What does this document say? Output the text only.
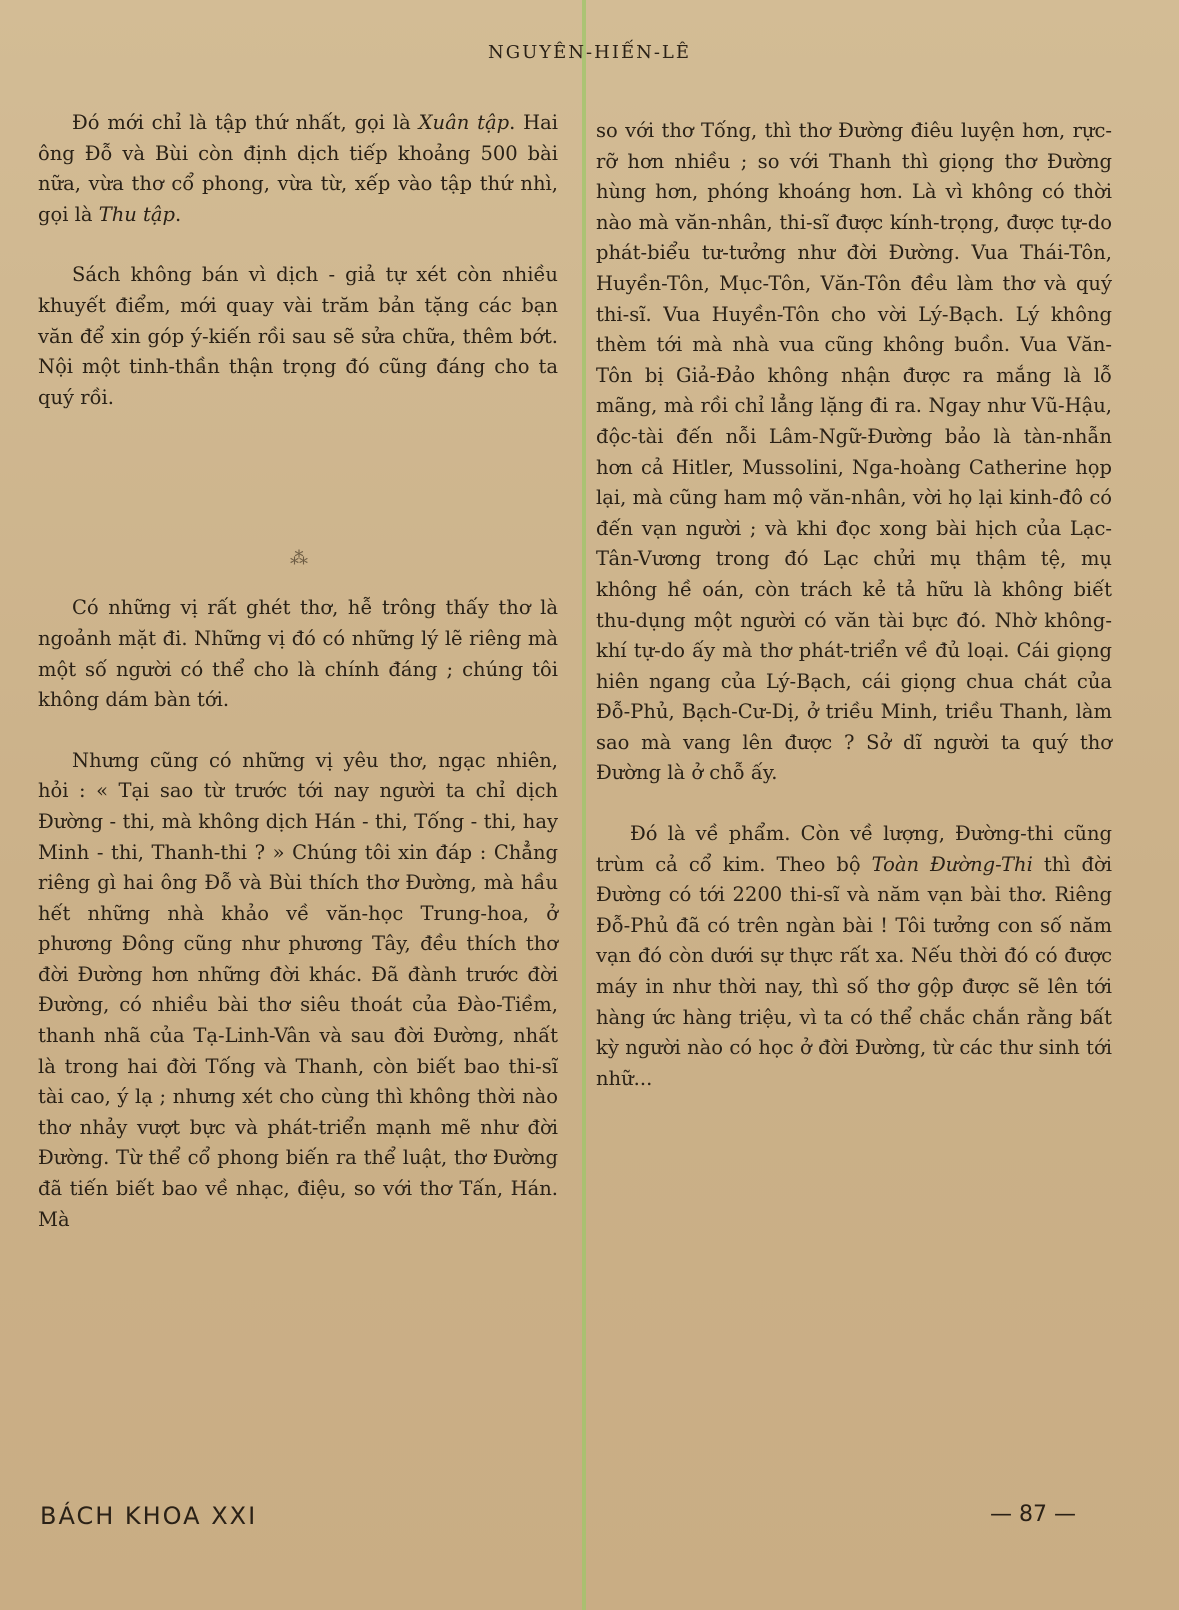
NGUYÊN-HIẾN-LÊ

Đó mới chỉ là tập thứ nhất, gọi là Xuân tập. Hai ông Đỗ và Bùi còn định dịch tiếp khoảng 500 bài nữa, vừa thơ cổ phong, vừa từ, xếp vào tập thứ nhì, gọi là Thu tập.

Sách không bán vì dịch - giả tự xét còn nhiều khuyết điểm, mới quay vài trăm bản tặng các bạn văn để xin góp ý-kiến rồi sau sẽ sửa chữa, thêm bớt. Nội một tinh-thần thận trọng đó cũng đáng cho ta quý rồi.

Có những vị rất ghét thơ, hễ trông thấy thơ là ngoảnh mặt đi. Những vị đó có những lý lẽ riêng mà một số người có thể cho là chính đáng ; chúng tôi không dám bàn tới.

Nhưng cũng có những vị yêu thơ, ngạc nhiên, hỏi : « Tại sao từ trước tới nay người ta chỉ dịch Đường - thi, mà không dịch Hán - thi, Tống - thi, hay Minh - thi, Thanh-thi ? » Chúng tôi xin đáp : Chẳng riêng gì hai ông Đỗ và Bùi thích thơ Đường, mà hầu hết những nhà khảo về văn-học Trung-hoa, ở phương Đông cũng như phương Tây, đều thích thơ đời Đường hơn những đời khác. Đã đành trước đời Đường, có nhiều bài thơ siêu thoát của Đào-Tiềm, thanh nhã của Tạ-Linh-Vân và sau đời Đường, nhất là trong hai đời Tống và Thanh, còn biết bao thi-sĩ tài cao, ý lạ ; nhưng xét cho cùng thì không thời nào thơ nhảy vượt bực và phát-triển mạnh mẽ như đời Đường. Từ thể cổ phong biến ra thể luật, thơ Đường đã tiến biết bao về nhạc, điệu, so với thơ Tấn, Hán. Mà

⁂

so với thơ Tống, thì thơ Đường điêu luyện hơn, rực-rỡ hơn nhiều ; so với Thanh thì giọng thơ Đường hùng hơn, phóng khoáng hơn. Là vì không có thời nào mà văn-nhân, thi-sĩ được kính-trọng, được tự-do phát-biểu tư-tưởng như đời Đường. Vua Thái-Tôn, Huyền-Tôn, Mục-Tôn, Văn-Tôn đều làm thơ và quý thi-sĩ. Vua Huyền-Tôn cho vời Lý-Bạch. Lý không thèm tới mà nhà vua cũng không buồn. Vua Văn-Tôn bị Giả-Đảo không nhận được ra mắng là lỗ mãng, mà rồi chỉ lẳng lặng đi ra. Ngay như Vũ-Hậu, độc-tài đến nỗi Lâm-Ngữ-Đường bảo là tàn-nhẫn hơn cả Hitler, Mussolini, Nga-hoàng Catherine họp lại, mà cũng ham mộ văn-nhân, vời họ lại kinh-đô có đến vạn người ; và khi đọc xong bài hịch của Lạc-Tân-Vương trong đó Lạc chửi mụ thậm tệ, mụ không hề oán, còn trách kẻ tả hữu là không biết thu-dụng một người có văn tài bực đó. Nhờ không-khí tự-do ấy mà thơ phát-triển về đủ loại. Cái giọng hiên ngang của Lý-Bạch, cái giọng chua chát của Đỗ-Phủ, Bạch-Cư-Dị, ở triều Minh, triều Thanh, làm sao mà vang lên được ? Sở dĩ người ta quý thơ Đường là ở chỗ ấy.

Đó là về phẩm. Còn về lượng, Đường-thi cũng trùm cả cổ kim. Theo bộ Toàn Đường-Thi thì đời Đường có tới 2200 thi-sĩ và năm vạn bài thơ. Riêng Đỗ-Phủ đã có trên ngàn bài ! Tôi tưởng con số năm vạn đó còn dưới sự thực rất xa. Nếu thời đó có được máy in như thời nay, thì số thơ gộp được sẽ lên tới hàng ức hàng triệu, vì ta có thể chắc chắn rằng bất kỳ người nào có học ở đời Đường, từ các thư sinh tới nhữ...

BÁCH KHOA XXI	— 87 —
